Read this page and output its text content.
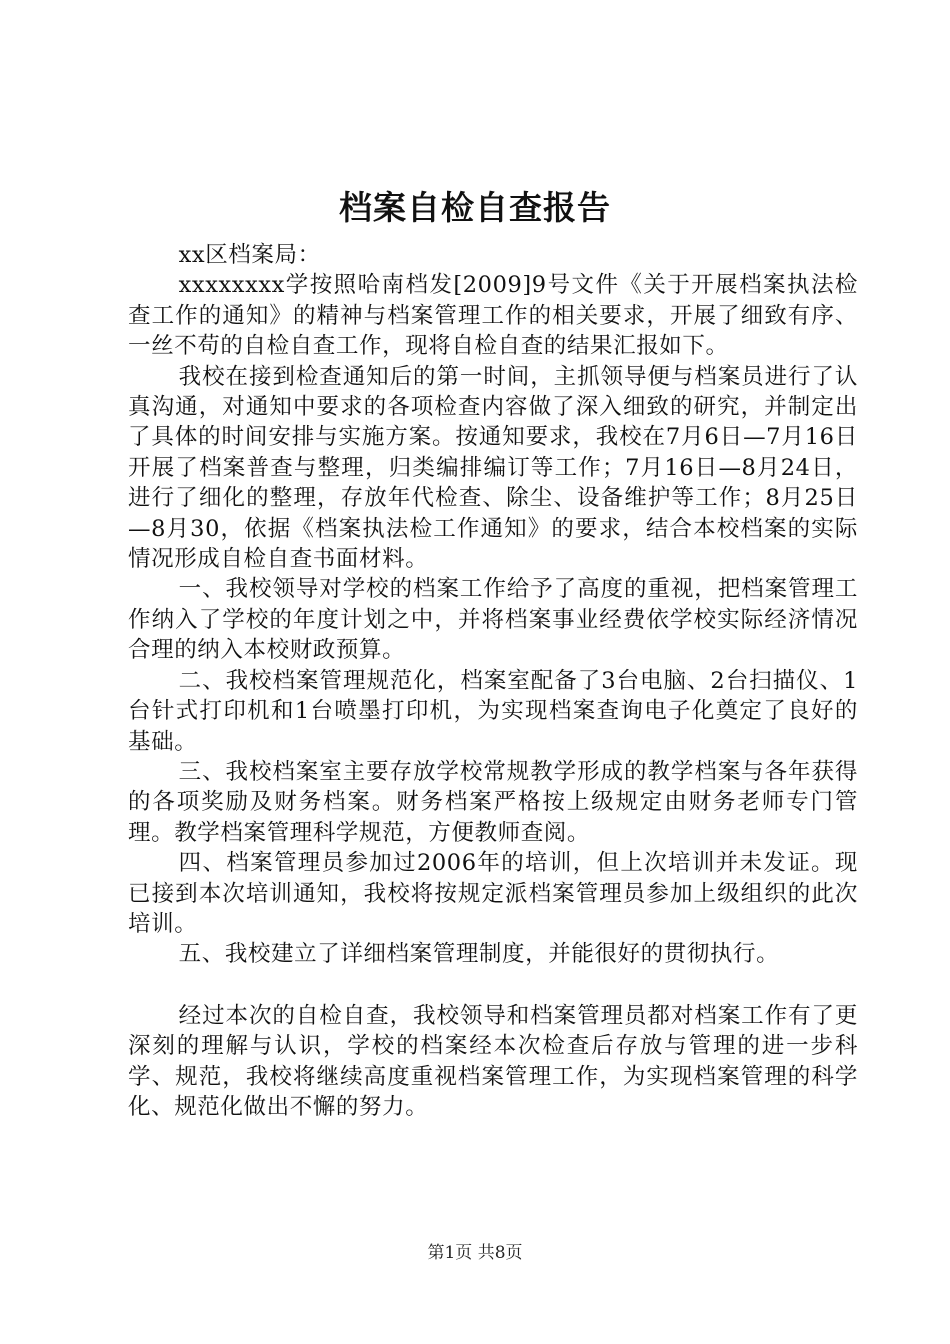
档案自检自查报告

xx区档案局：

xxxxxxxx学按照哈南档发[2009]9号文件《关于开展档案执法检查工作的通知》的精神与档案管理工作的相关要求，开展了细致有序、一丝不苟的自检自查工作，现将自检自查的结果汇报如下。

我校在接到检查通知后的第一时间，主抓领导便与档案员进行了认真沟通，对通知中要求的各项检查内容做了深入细致的研究，并制定出了具体的时间安排与实施方案。按通知要求，我校在7月6日—7月16日开展了档案普查与整理，归类编排编订等工作；7月16日—8月24日，进行了细化的整理，存放年代检查、除尘、设备维护等工作；8月25日—8月30，依据《档案执法检工作通知》的要求，结合本校档案的实际情况形成自检自查书面材料。

一、我校领导对学校的档案工作给予了高度的重视，把档案管理工作纳入了学校的年度计划之中，并将档案事业经费依学校实际经济情况合理的纳入本校财政预算。

二、我校档案管理规范化，档案室配备了3台电脑、2台扫描仪、1台针式打印机和1台喷墨打印机，为实现档案查询电子化奠定了良好的基础。

三、我校档案室主要存放学校常规教学形成的教学档案与各年获得的各项奖励及财务档案。财务档案严格按上级规定由财务老师专门管理。教学档案管理科学规范，方便教师查阅。

四、档案管理员参加过2006年的培训，但上次培训并未发证。现已接到本次培训通知，我校将按规定派档案管理员参加上级组织的此次培训。

五、我校建立了详细档案管理制度，并能很好的贯彻执行。

经过本次的自检自查，我校领导和档案管理员都对档案工作有了更深刻的理解与认识，学校的档案经本次检查后存放与管理的进一步科学、规范，我校将继续高度重视档案管理工作，为实现档案管理的科学化、规范化做出不懈的努力。

第1页 共8页
